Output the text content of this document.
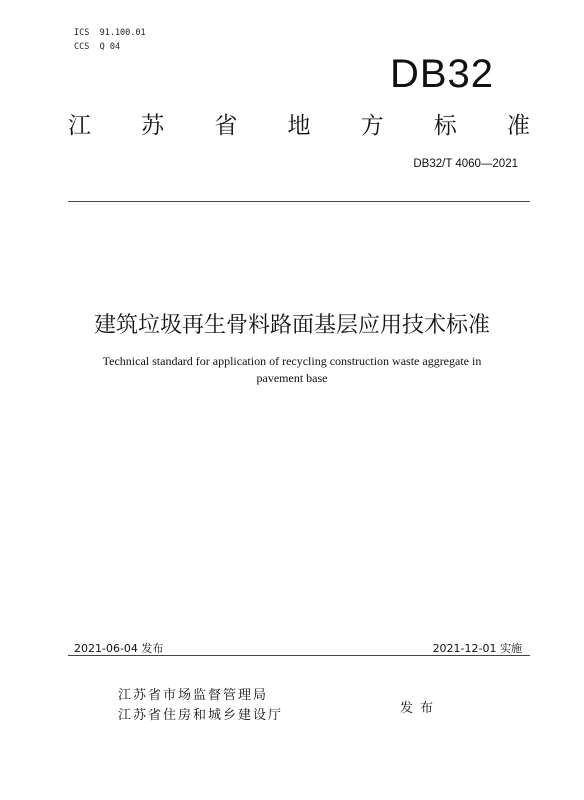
ICS  91.100.01
CCS  Q 04
DB32
江 苏 省 地 方 标 准
DB32/T 4060—2021
建筑垃圾再生骨料路面基层应用技术标准
Technical standard for application of recycling construction waste aggregate in
pavement base
2021-06-04 发布	2021-12-01 实施
江苏省市场监督管理局
江苏省住房和城乡建设厅	发布
